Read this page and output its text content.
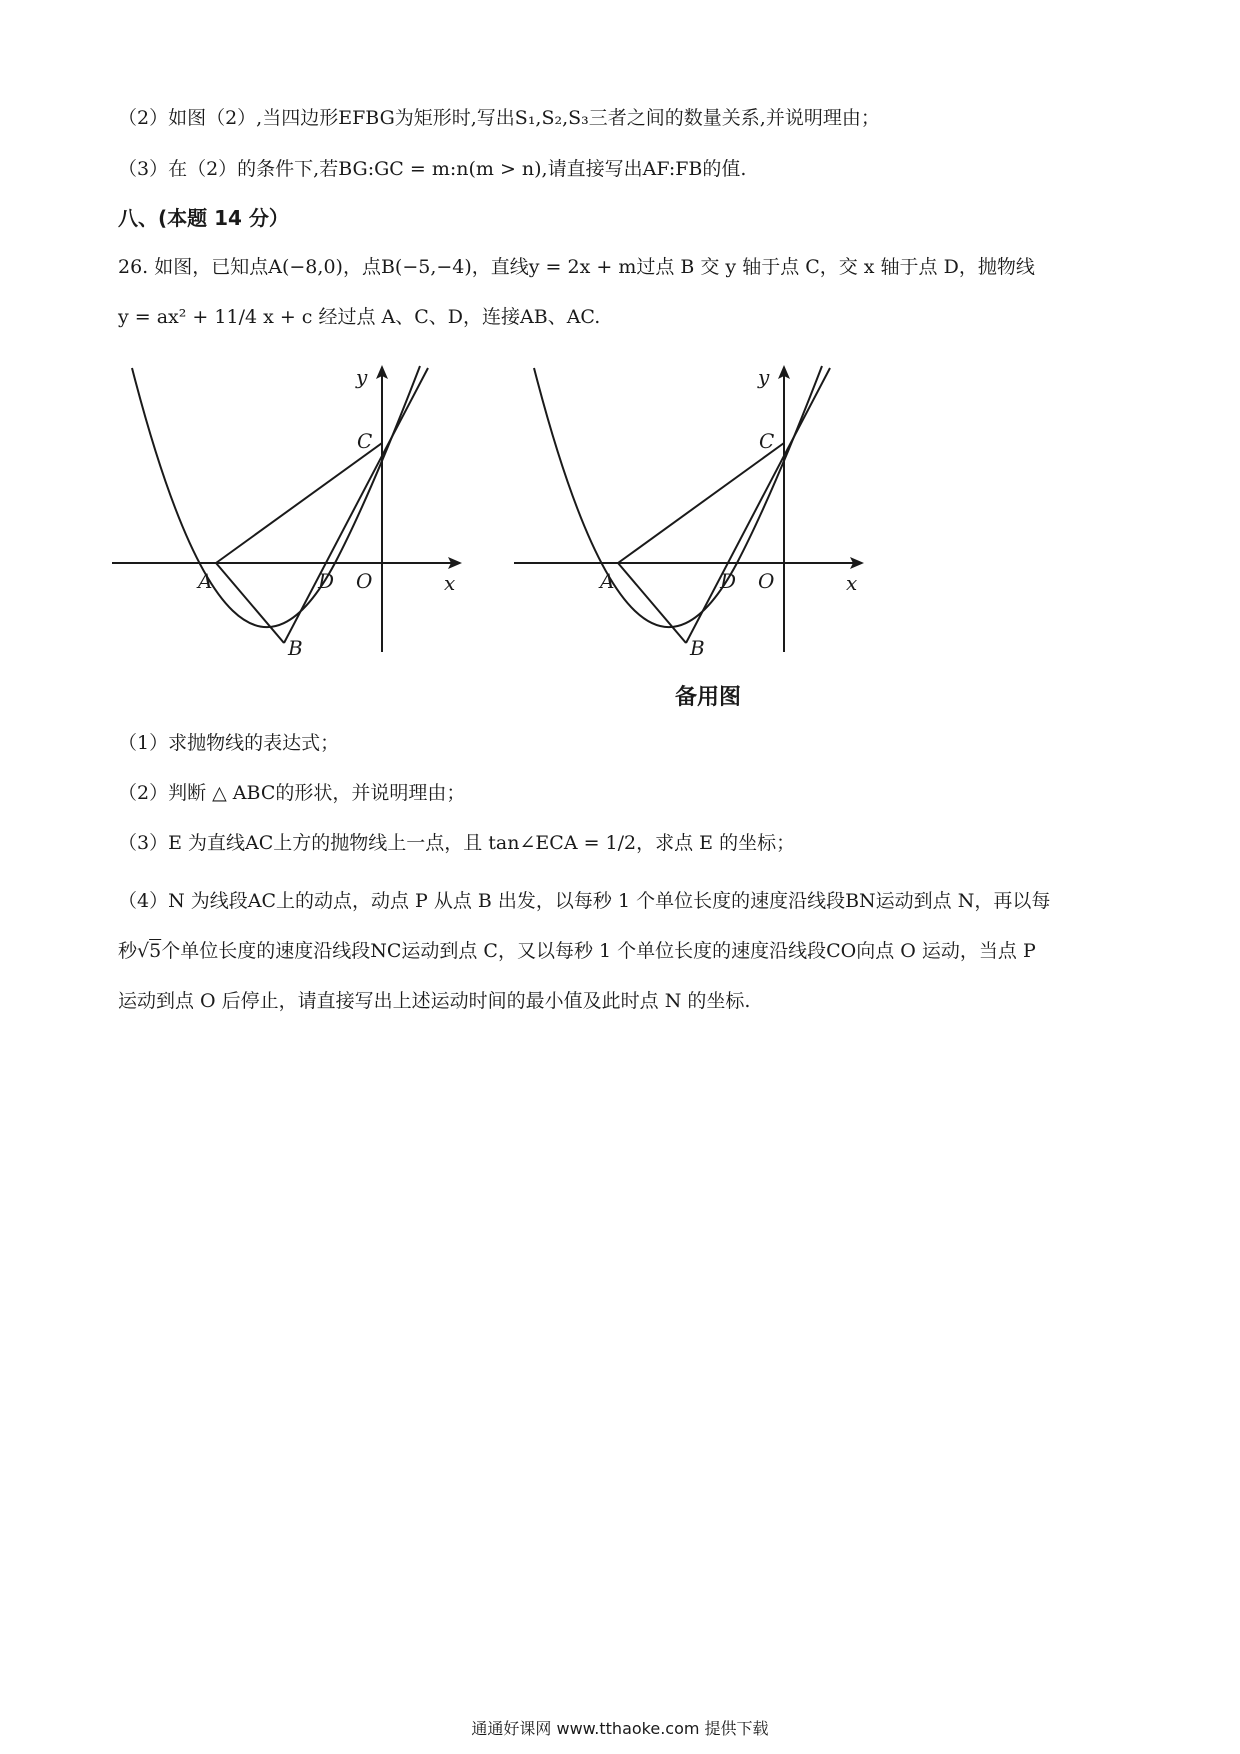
（2）如图（2）,当四边形EFBG为矩形时,写出S₁,S₂,S₃三者之间的数量关系,并说明理由；
（3）在（2）的条件下,若BG:GC = m:n(m > n),请直接写出AF:FB的值.
八、(本题 14 分）
26. 如图，已知点A(−8,0)，点B(−5,−4)，直线y = 2x + m过点 B 交 y 轴于点 C，交 x 轴于点 D，抛物线
y = ax² + 11/4 x + c 经过点 A、C、D，连接AB、AC.
y
x
C
A	D O
B
y
x
C
A	D O
B
备用图
（1）求抛物线的表达式；
（2）判断 △ ABC的形状，并说明理由；
（3）E 为直线AC上方的抛物线上一点，且 tan∠ECA = 1/2，求点 E 的坐标；
（4）N 为线段AC上的动点，动点 P 从点 B 出发，以每秒 1 个单位长度的速度沿线段BN运动到点 N，再以每
秒√5个单位长度的速度沿线段NC运动到点 C，又以每秒 1 个单位长度的速度沿线段CO向点 O 运动，当点 P
运动到点 O 后停止，请直接写出上述运动时间的最小值及此时点 N 的坐标.
通通好课网 www.tthaoke.com 提供下载
